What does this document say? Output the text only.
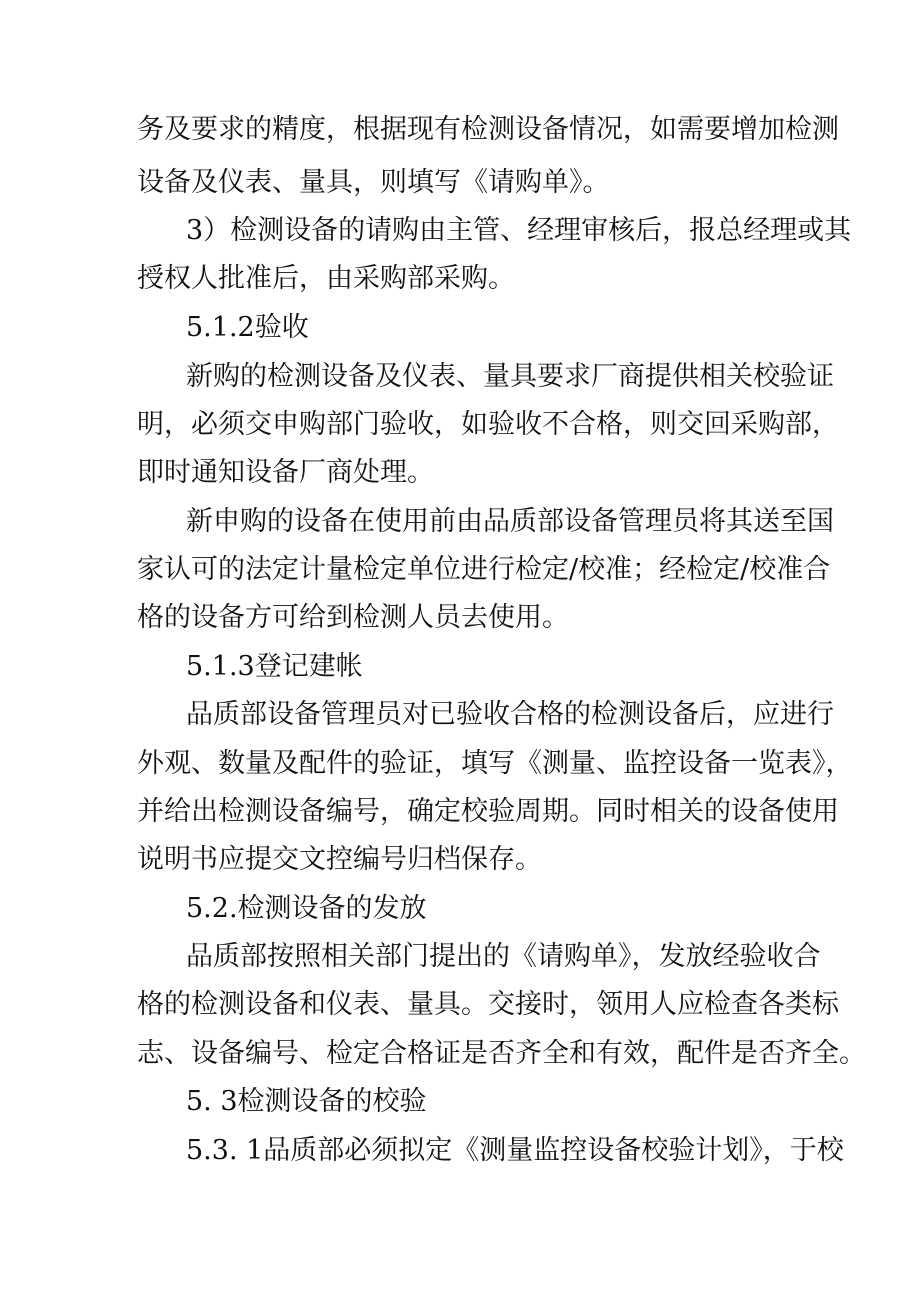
务及要求的精度，根据现有检测设备情况，如需要增加检测
设备及仪表、量具，则填写《请购单》。
3）检测设备的请购由主管、经理审核后，报总经理或其
授权人批准后，由采购部采购。
5.1.2验收
新购的检测设备及仪表、量具要求厂商提供相关校验证
明，必须交申购部门验收，如验收不合格，则交回采购部，
即时通知设备厂商处理。
新申购的设备在使用前由品质部设备管理员将其送至国
家认可的法定计量检定单位进行检定/校准；经检定/校准合
格的设备方可给到检测人员去使用。
5.1.3登记建帐
品质部设备管理员对已验收合格的检测设备后，应进行
外观、数量及配件的验证，填写《测量、监控设备一览表》，
并给出检测设备编号，确定校验周期。同时相关的设备使用
说明书应提交文控编号归档保存。
5.2.检测设备的发放
品质部按照相关部门提出的《请购单》，发放经验收合
格的检测设备和仪表、量具。交接时，领用人应检查各类标
志、设备编号、检定合格证是否齐全和有效，配件是否齐全。
5. 3检测设备的校验
5.3. 1品质部必须拟定《测量监控设备校验计划》，于校
